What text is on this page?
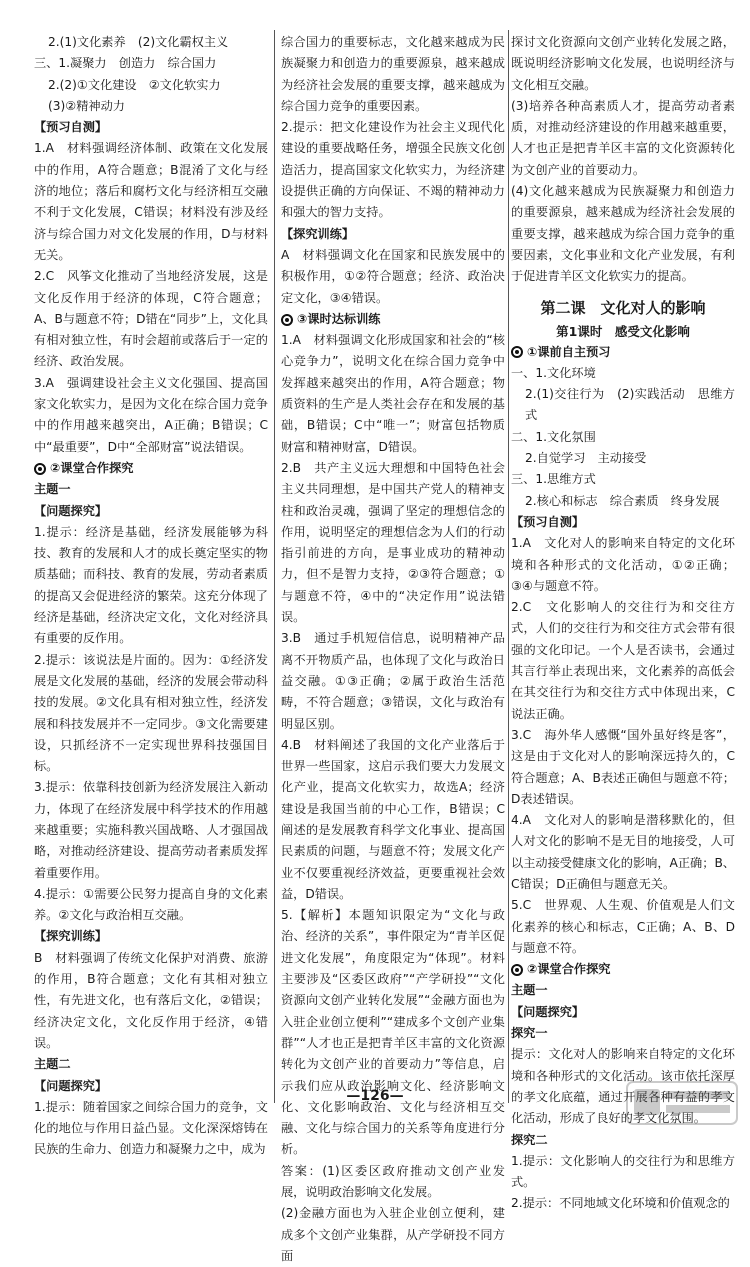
2.(1)文化素养　(2)文化霸权主义

三、1.凝聚力　创造力　综合国力

2.(2)①文化建设　②文化软实力

(3)②精神动力

【预习自测】

1.A　材料强调经济体制、政策在文化发展中的作用，A符合题意；B混淆了文化与经济的地位；落后和腐朽文化与经济相互交融不利于文化发展，C错误；材料没有涉及经济与综合国力对文化发展的作用，D与材料无关。

2.C　风筝文化推动了当地经济发展，这是文化反作用于经济的体现，C符合题意；A、B与题意不符；D错在“同步”上，文化具有相对独立性，有时会超前或落后于一定的经济、政治发展。

3.A　强调建设社会主义文化强国、提高国家文化软实力，是因为文化在综合国力竞争中的作用越来越突出，A正确；B错误；C中“最重要”，D中“全部财富”说法错误。

②课堂合作探究

主题一

【问题探究】

1.提示：经济是基础，经济发展能够为科技、教育的发展和人才的成长奠定坚实的物质基础；而科技、教育的发展，劳动者素质的提高又会促进经济的繁荣。这充分体现了经济是基础，经济决定文化，文化对经济具有重要的反作用。

2.提示：该说法是片面的。因为：①经济发展是文化发展的基础，经济的发展会带动科技的发展。②文化具有相对独立性，经济发展和科技发展并不一定同步。③文化需要建设，只抓经济不一定实现世界科技强国目标。

3.提示：依靠科技创新为经济发展注入新动力，体现了在经济发展中科学技术的作用越来越重要；实施科教兴国战略、人才强国战略，对推动经济建设、提高劳动者素质发挥着重要作用。

4.提示：①需要公民努力提高自身的文化素养。②文化与政治相互交融。

【探究训练】

B　材料强调了传统文化保护对消费、旅游的作用，B符合题意；文化有其相对独立性，有先进文化，也有落后文化，②错误；经济决定文化，文化反作用于经济，④错误。

主题二

【问题探究】

1.提示：随着国家之间综合国力的竞争，文化的地位与作用日益凸显。文化深深熔铸在民族的生命力、创造力和凝聚力之中，成为

综合国力的重要标志，文化越来越成为民族凝聚力和创造力的重要源泉，越来越成为经济社会发展的重要支撑，越来越成为综合国力竞争的重要因素。

2.提示：把文化建设作为社会主义现代化建设的重要战略任务，增强全民族文化创造活力，提高国家文化软实力，为经济建设提供正确的方向保证、不竭的精神动力和强大的智力支持。

【探究训练】

A　材料强调文化在国家和民族发展中的积极作用，①②符合题意；经济、政治决定文化，③④错误。

③课时达标训练

1.A　材料强调文化形成国家和社会的“核心竞争力”，说明文化在综合国力竞争中发挥越来越突出的作用，A符合题意；物质资料的生产是人类社会存在和发展的基础，B错误；C中“唯一”；财富包括物质财富和精神财富，D错误。

2.B　共产主义远大理想和中国特色社会主义共同理想，是中国共产党人的精神支柱和政治灵魂，强调了坚定的理想信念的作用，说明坚定的理想信念为人们的行动指引前进的方向，是事业成功的精神动力，但不是智力支持，②③符合题意；①与题意不符，④中的“决定作用”说法错误。

3.B　通过手机短信信息，说明精神产品离不开物质产品，也体现了文化与政治日益交融。①③正确；②属于政治生活范畴，不符合题意；③错误，文化与政治有明显区别。

4.B　材料阐述了我国的文化产业落后于世界一些国家，这启示我们要大力发展文化产业，提高文化软实力，故选A；经济建设是我国当前的中心工作，B错误；C阐述的是发展教育科学文化事业、提高国民素质的问题，与题意不符；发展文化产业不仅要重视经济效益，更要重视社会效益，D错误。

5.【解析】本题知识限定为“文化与政治、经济的关系”，事件限定为“青羊区促进文化发展”，角度限定为“体现”。材料主要涉及“区委区政府”“产学研投”“文化资源向文创产业转化发展”“金融方面也为入驻企业创立便利”“建成多个文创产业集群”“人才也正是把青羊区丰富的文化资源转化为文创产业的首要动力”等信息，启示我们应从政治影响文化、经济影响文化、文化影响政治、文化与经济相互交融、文化与综合国力的关系等角度进行分析。

答案：(1)区委区政府推动文创产业发展，说明政治影响文化发展。

(2)金融方面也为入驻企业创立便利，建成多个文创产业集群，从产学研投不同方面

探讨文化资源向文创产业转化发展之路，既说明经济影响文化发展，也说明经济与文化相互交融。

(3)培养各种高素质人才，提高劳动者素质，对推动经济建设的作用越来越重要，人才也正是把青羊区丰富的文化资源转化为文创产业的首要动力。

(4)文化越来越成为民族凝聚力和创造力的重要源泉，越来越成为经济社会发展的重要支撑，越来越成为综合国力竞争的重要因素，文化事业和文化产业发展，有利于促进青羊区文化软实力的提高。

第二课　文化对人的影响
第1课时　感受文化影响

①课前自主预习

一、1.文化环境

2.(1)交往行为　(2)实践活动　思维方式

二、1.文化氛围

2.自觉学习　主动接受

三、1.思维方式

2.核心和标志　综合素质　终身发展

【预习自测】

1.A　文化对人的影响来自特定的文化环境和各种形式的文化活动，①②正确；③④与题意不符。

2.C　文化影响人的交往行为和交往方式，人们的交往行为和交往方式会带有很强的文化印记。一个人是否读书，会通过其言行举止表现出来，文化素养的高低会在其交往行为和交往方式中体现出来，C说法正确。

3.C　海外华人感慨“国外虽好终是客”，这是由于文化对人的影响深远持久的，C符合题意；A、B表述正确但与题意不符；D表述错误。

4.A　文化对人的影响是潜移默化的，但人对文化的影响不是无目的地接受，人可以主动接受健康文化的影响，A正确；B、C错误；D正确但与题意无关。

5.C　世界观、人生观、价值观是人们文化素养的核心和标志，C正确；A、B、D与题意不符。

②课堂合作探究

主题一

【问题探究】

探究一

提示：文化对人的影响来自特定的文化环境和各种形式的文化活动。该市依托深厚的孝文化底蕴，通过开展各种有益的孝文化活动，形成了良好的孝文化氛围。

探究二

1.提示：文化影响人的交往行为和思维方式。

2.提示：不同地域文化环境和价值观念的

—126—
